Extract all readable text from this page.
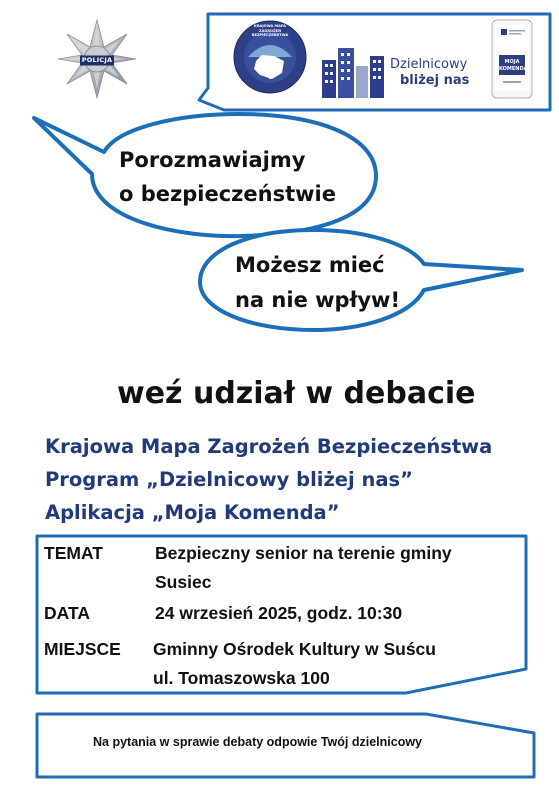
POLICJA
KRAJOWA MAPA ZAGROŻEŃ BEZPIECZEŃSTWA
Dzielnicowy
bliżej nas
MOJA
KOMENDA
Porozmawiajmy
o bezpieczeństwie
Możesz mieć
na nie wpływ!
weź udział w debacie
Krajowa Mapa Zagrożeń Bezpieczeństwa
Program „Dzielnicowy bliżej nas”
Aplikacja „Moja Komenda”
TEMAT	Bezpieczny senior na terenie gminy
Susiec
DATA	24 wrzesień 2025, godz. 10:30
MIEJSCE Gminny Ośrodek Kultury w Suścu
ul. Tomaszowska 100
Na pytania w sprawie debaty odpowie Twój dzielnicowy
